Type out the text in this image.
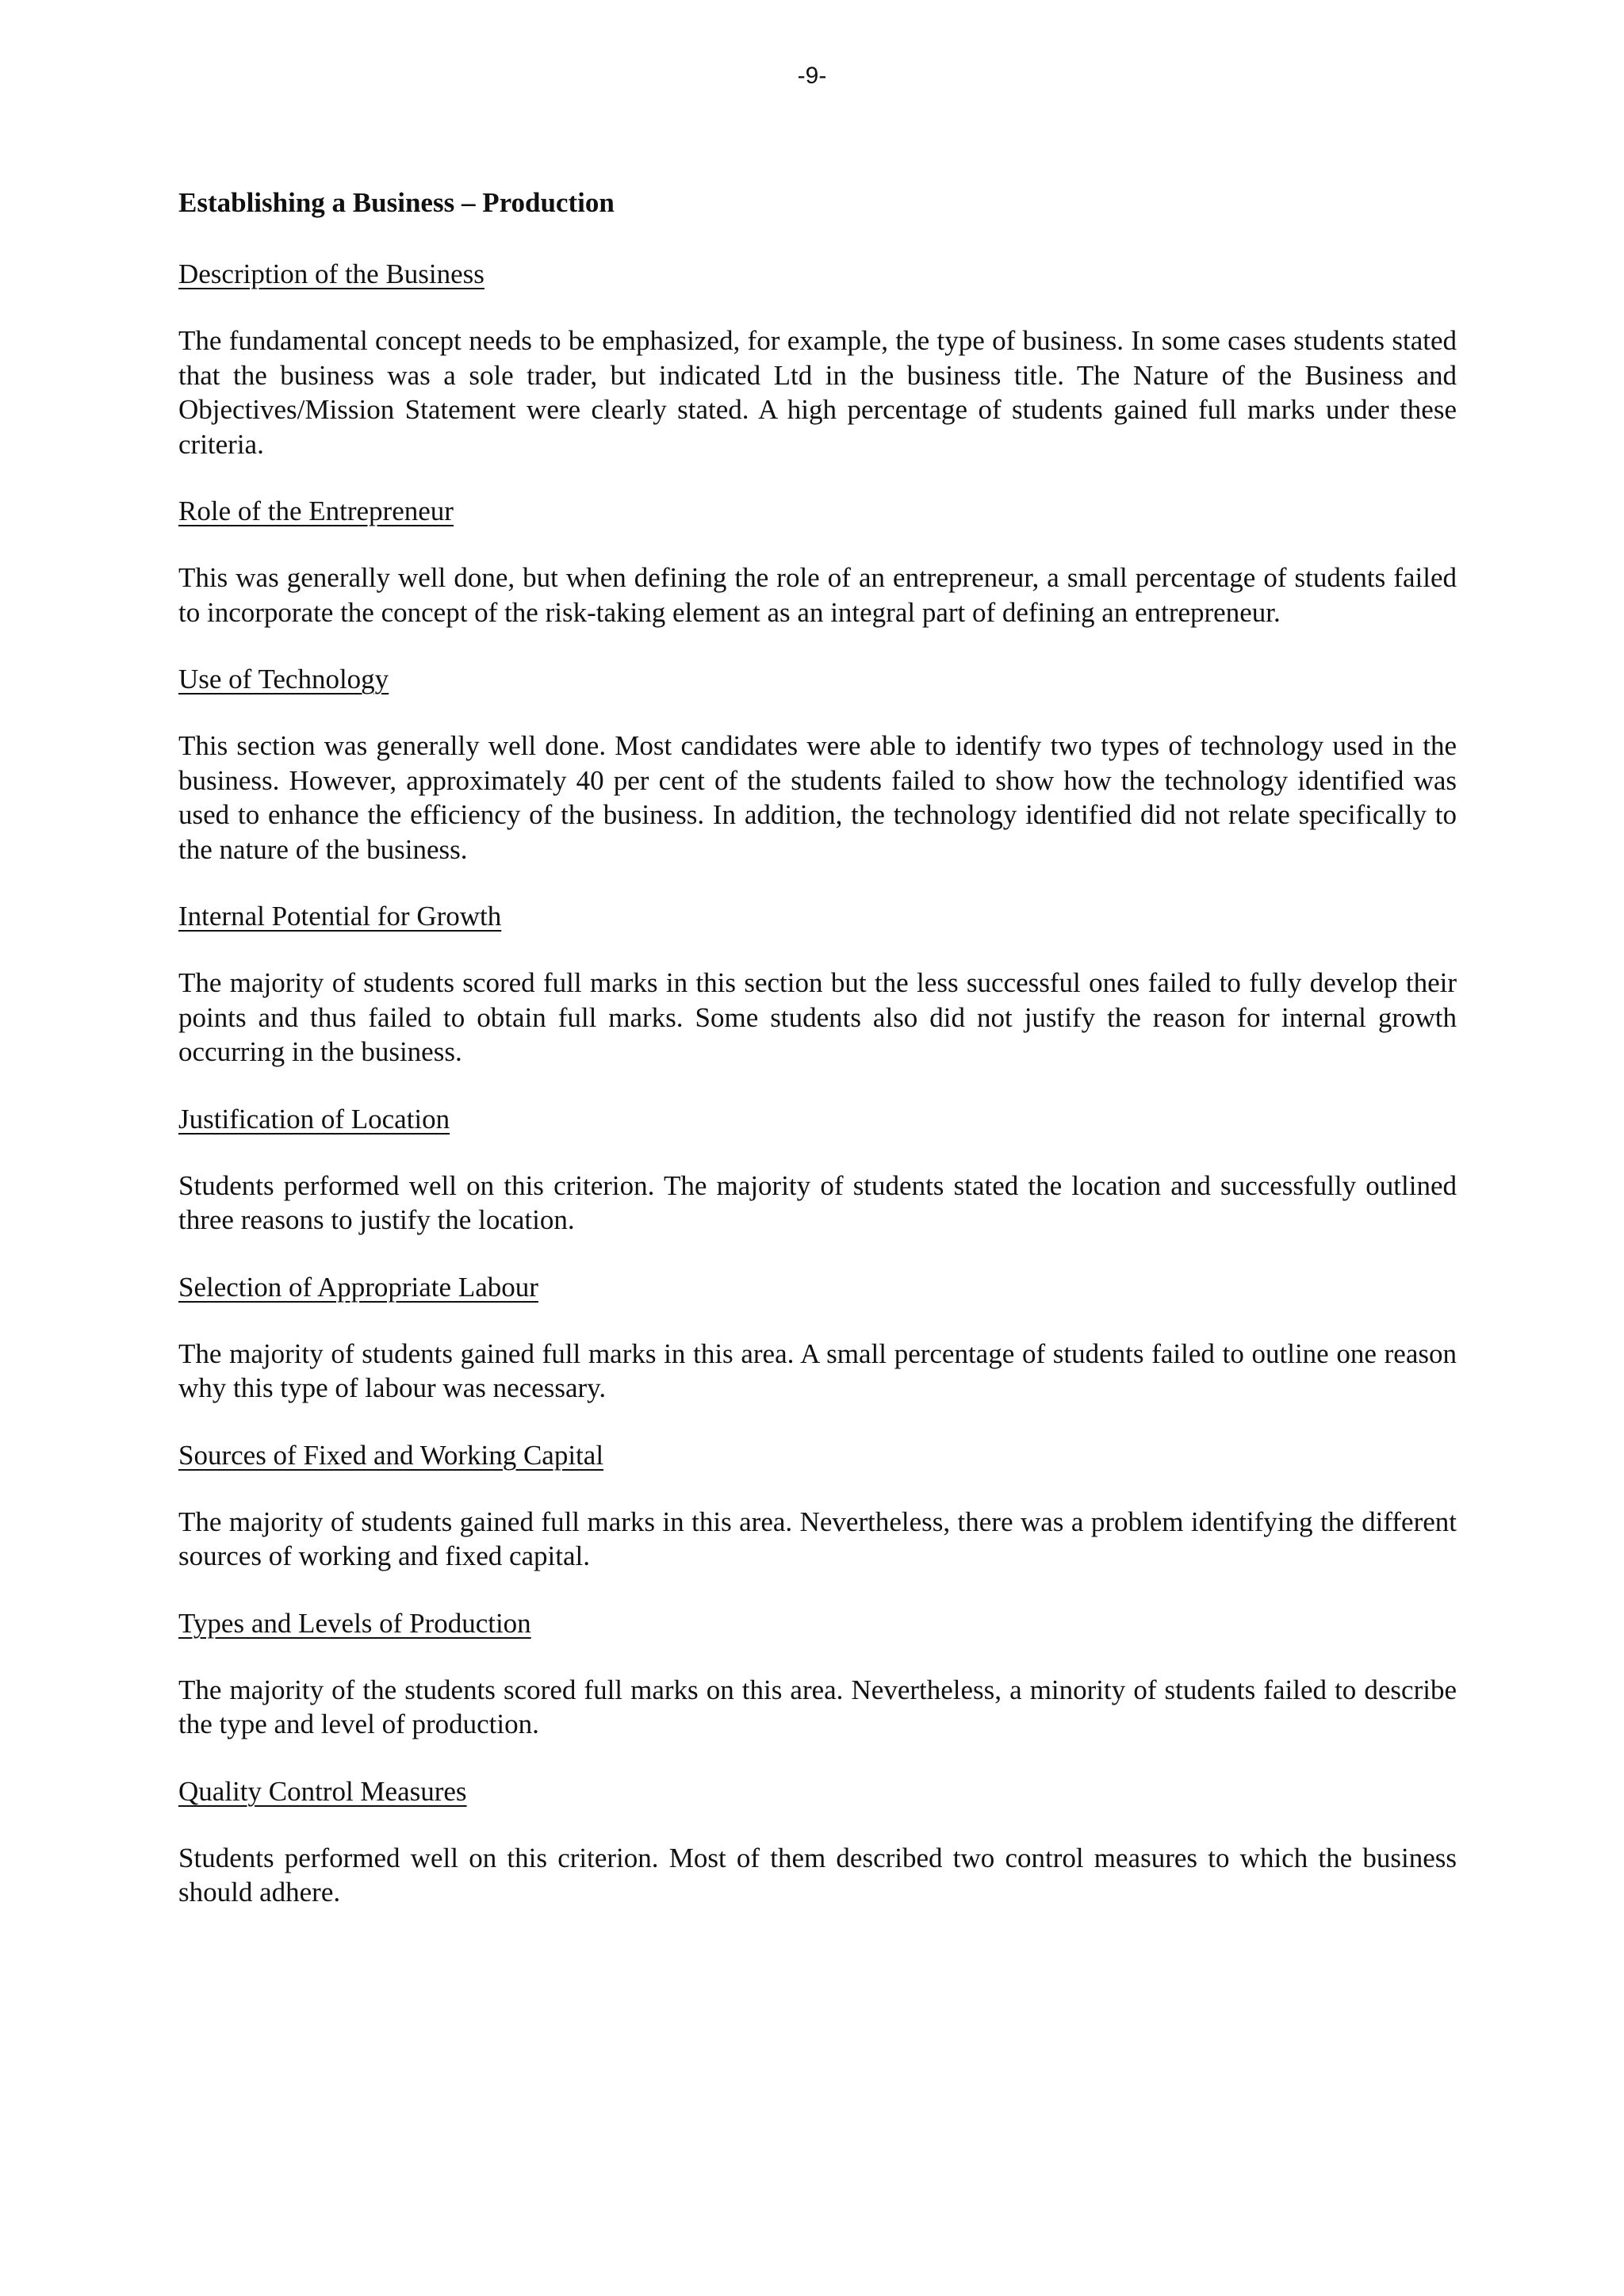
-9-
Establishing a Business – Production
Description of the Business

The fundamental concept needs to be emphasized, for example, the type of business. In some cases students stated that the business was a sole trader, but indicated Ltd in the business title. The Nature of the Business and Objectives/Mission Statement were clearly stated. A high percentage of students gained full marks under these criteria.

Role of the Entrepreneur

This was generally well done, but when defining the role of an entrepreneur, a small percentage of students failed to incorporate the concept of the risk-taking element as an integral part of defining an entrepreneur.

Use of Technology

This section was generally well done. Most candidates were able to identify two types of technology used in the business. However, approximately 40 per cent of the students failed to show how the technology identified was used to enhance the efficiency of the business. In addition, the technology identified did not relate specifically to the nature of the business.

Internal Potential for Growth

The majority of students scored full marks in this section but the less successful ones failed to fully develop their points and thus failed to obtain full marks. Some students also did not justify the reason for internal growth occurring in the business.

Justification of Location

Students performed well on this criterion. The majority of students stated the location and successfully outlined three reasons to justify the location.

Selection of Appropriate Labour

The majority of students gained full marks in this area. A small percentage of students failed to outline one reason why this type of labour was necessary.

Sources of Fixed and Working Capital

The majority of students gained full marks in this area. Nevertheless, there was a problem identifying the different sources of working and fixed capital.

Types and Levels of Production

The majority of the students scored full marks on this area. Nevertheless, a minority of students failed to describe the type and level of production.

Quality Control Measures

Students performed well on this criterion. Most of them described two control measures to which the business should adhere.
